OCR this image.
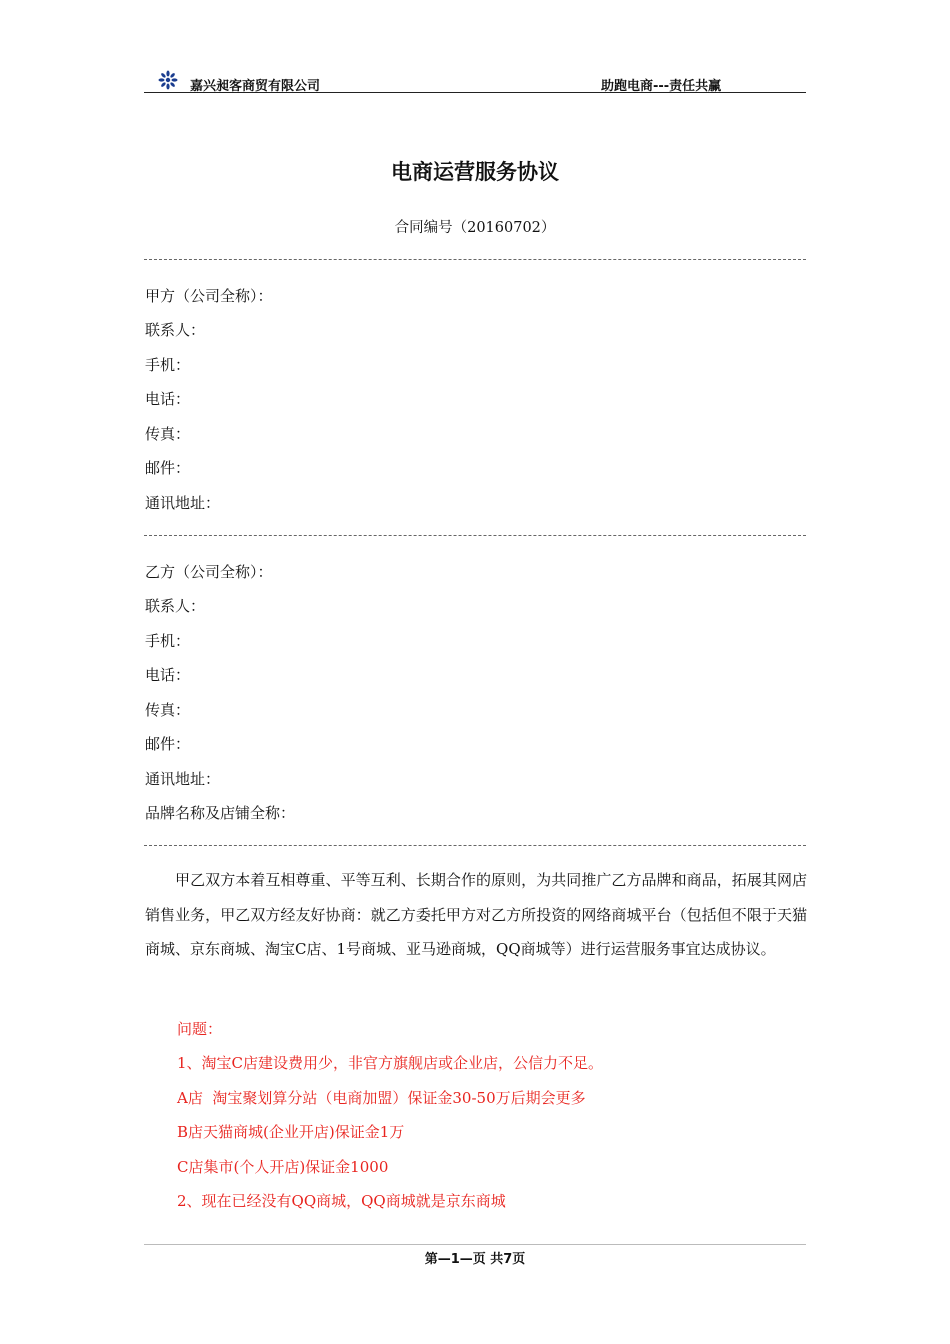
嘉兴昶客商贸有限公司	助跑电商---责任共赢
电商运营服务协议
合同编号（20160702）
甲方（公司全称）：
联系人：
手机：
电话：
传真：
邮件：
通讯地址：
乙方（公司全称）：
联系人：
手机：
电话：
传真：
邮件：
通讯地址：
品牌名称及店铺全称：
甲乙双方本着互相尊重、平等互利、长期合作的原则，为共同推广乙方品牌和商品，拓展其网店销售业务，甲乙双方经友好协商：就乙方委托甲方对乙方所投资的网络商城平台（包括但不限于天猫商城、京东商城、淘宝C店、1号商城、亚马逊商城，QQ商城等）进行运营服务事宜达成协议。
问题：
1、淘宝C店建设费用少，非官方旗舰店或企业店，公信力不足。
A店  淘宝聚划算分站（电商加盟）保证金30-50万后期会更多
B店天猫商城(企业开店)保证金1万
C店集市(个人开店)保证金1000
2、现在已经没有QQ商城，QQ商城就是京东商城
第—1—页 共7页
